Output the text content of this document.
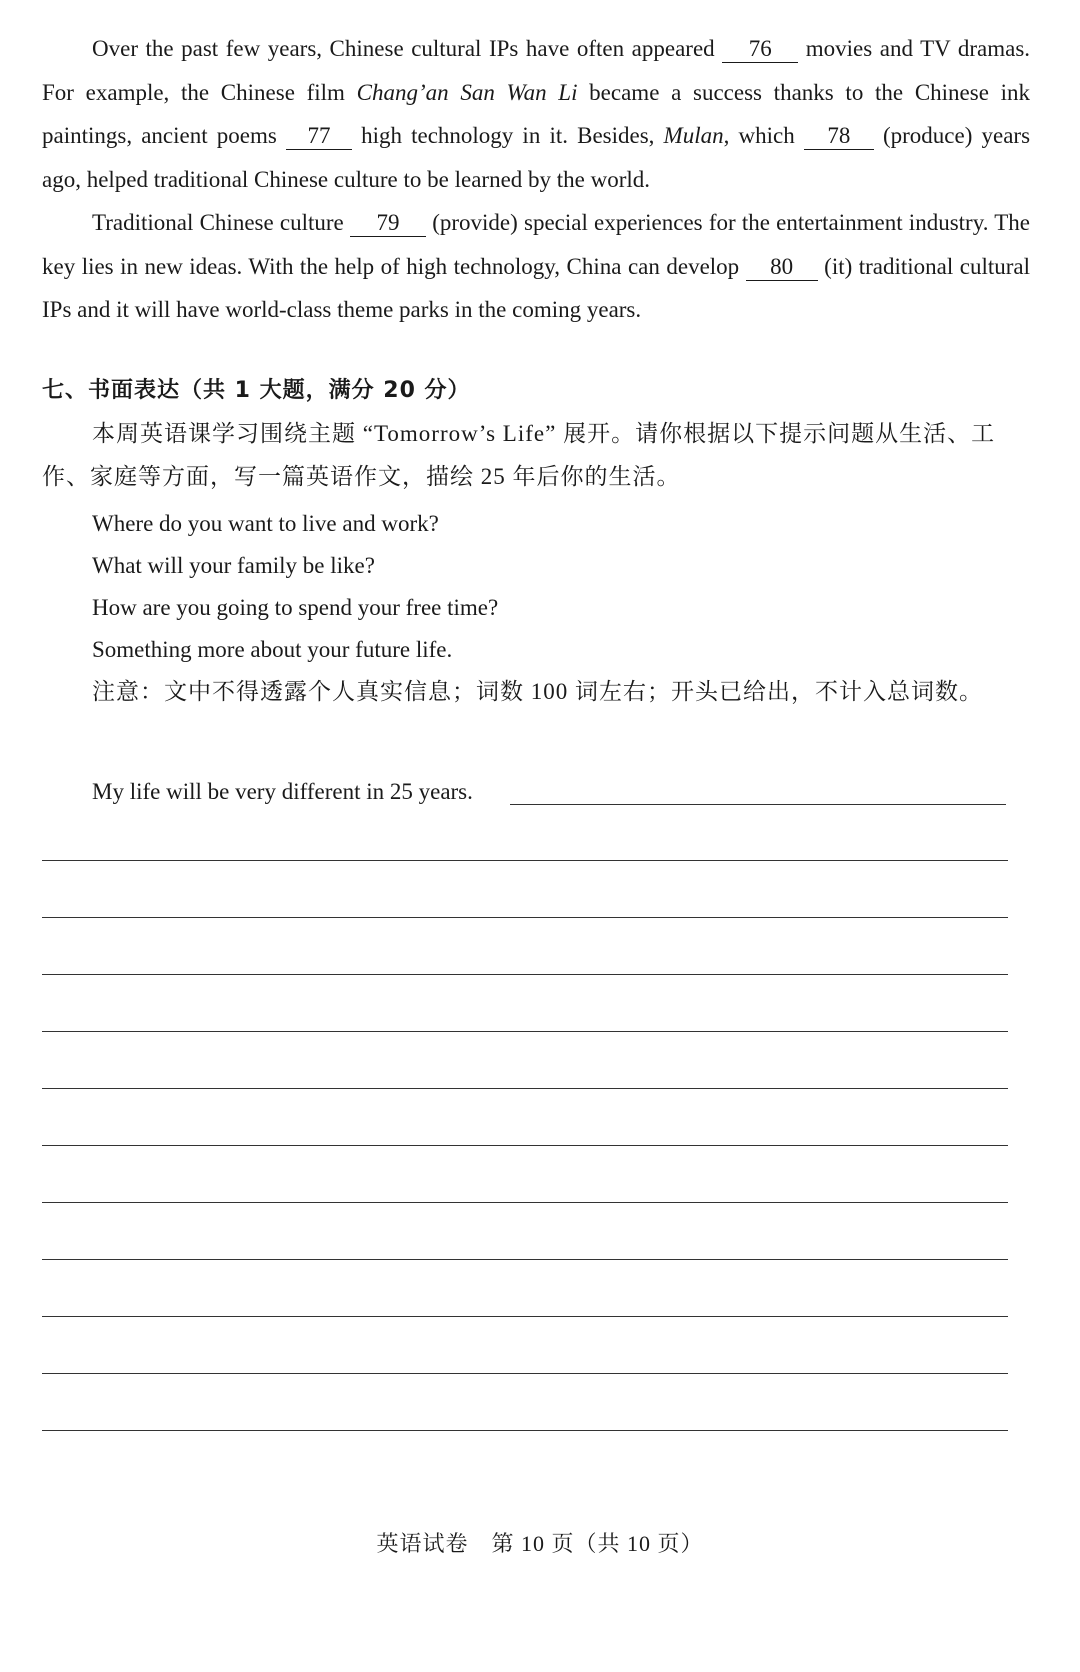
Over the past few years, Chinese cultural IPs have often appeared 76 movies and TV dramas. For example, the Chinese film Chang’an San Wan Li became a success thanks to the Chinese ink paintings, ancient poems 77 high technology in it. Besides, Mulan, which 78 (produce) years ago, helped traditional Chinese culture to be learned by the world.
Traditional Chinese culture 79 (provide) special experiences for the entertainment industry. The key lies in new ideas. With the help of high technology, China can develop 80 (it) traditional cultural IPs and it will have world-class theme parks in the coming years.
七、书面表达（共 1 大题，满分 20 分）
本周英语课学习围绕主题 “Tomorrow’s Life” 展开。请你根据以下提示问题从生活、工作、家庭等方面，写一篇英语作文，描绘 25 年后你的生活。
Where do you want to live and work?
What will your family be like?
How are you going to spend your free time?
Something more about your future life.
注意：文中不得透露个人真实信息；词数 100 词左右；开头已给出，不计入总词数。
My life will be very different in 25 years.
英语试卷　第 10 页（共 10 页）
